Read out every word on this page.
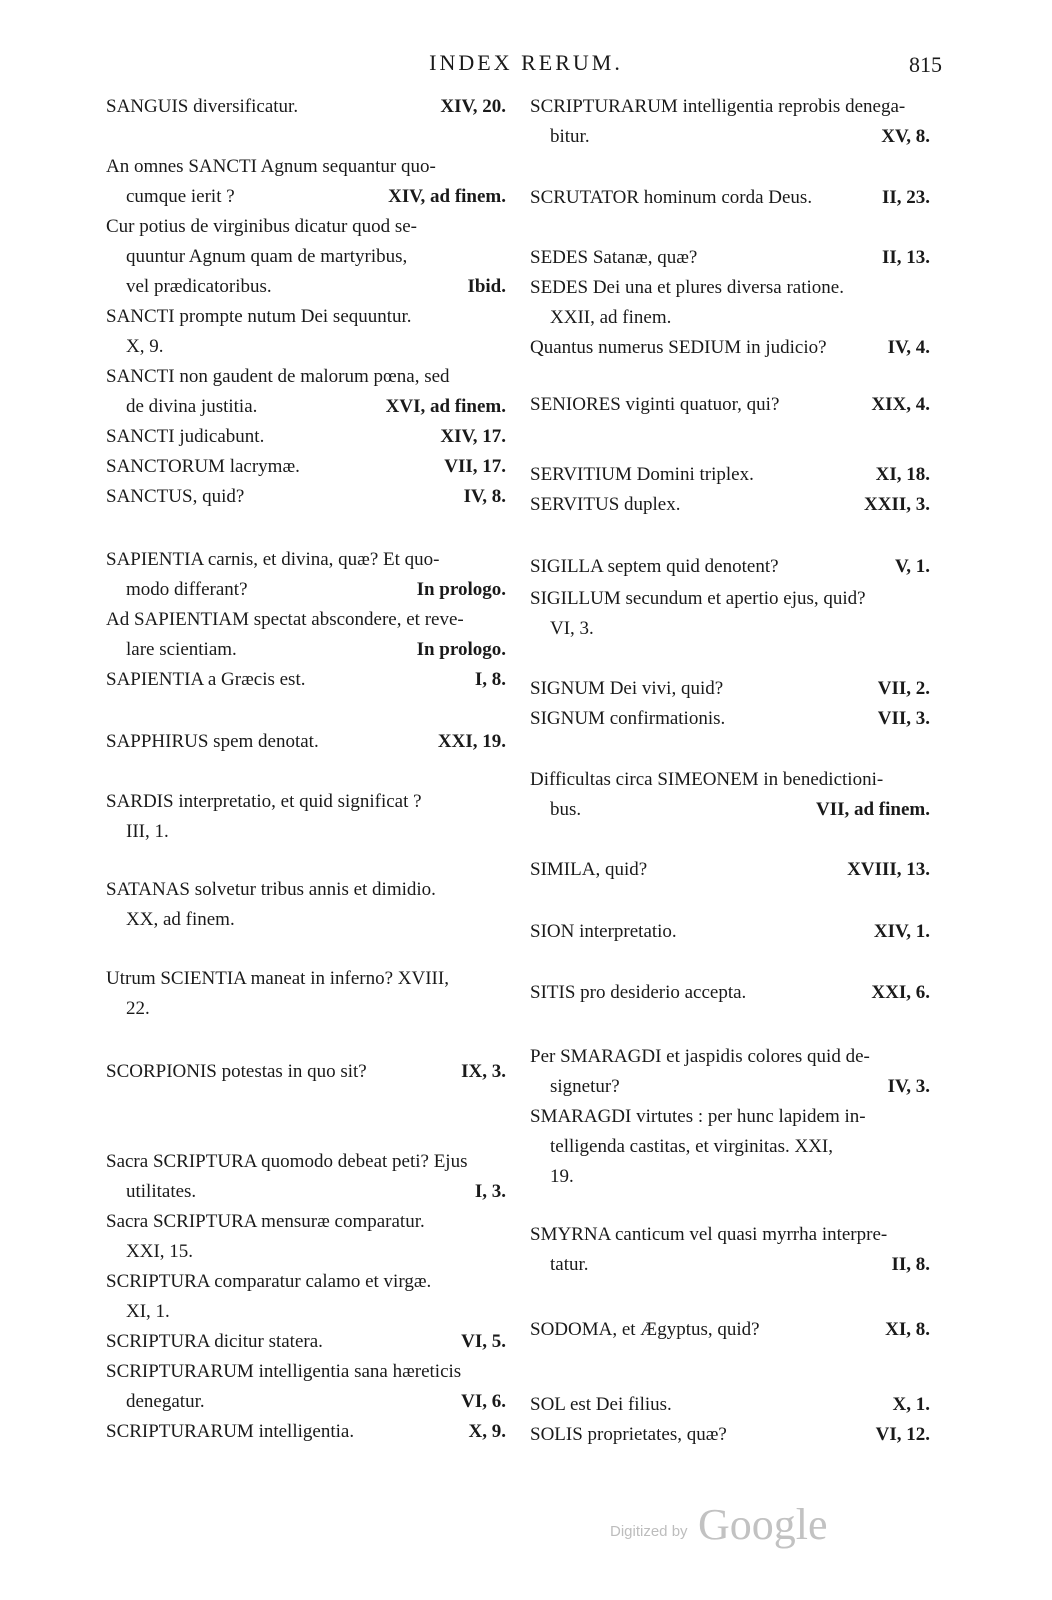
INDEX RERUM.	815
SANGUIS diversificatur.	XIV, 20.
An omnes SANCTI Agnum sequantur quo-
cumque ierit ?	XIV, ad finem.
Cur potius de virginibus dicatur quod se-
quuntur Agnum quam de martyribus,
vel prædicatoribus.	Ibid.
SANCTI prompte nutum Dei sequuntur.
X, 9.
SANCTI non gaudent de malorum pœna, sed
de divina justitia.	XVI, ad finem.
SANCTI judicabunt.	XIV, 17.
SANCTORUM lacrymæ.	VII, 17.
SANCTUS, quid?	IV, 8.
SAPIENTIA carnis, et divina, quæ? Et quo-
modo differant?	In prologo.
Ad SAPIENTIAM spectat abscondere, et reve-
lare scientiam.	In prologo.
SAPIENTIA a Græcis est.	I, 8.
SAPPHIRUS spem denotat.	XXI, 19.
SARDIS interpretatio, et quid significat ?
III, 1.
SATANAS solvetur tribus annis et dimidio.
XX, ad finem.
Utrum SCIENTIA maneat in inferno? XVIII,
22.
SCORPIONIS potestas in quo sit?	IX, 3.
Sacra SCRIPTURA quomodo debeat peti? Ejus
utilitates.	I, 3.
Sacra SCRIPTURA mensuræ comparatur.
XXI, 15.
SCRIPTURA comparatur calamo et virgæ.
XI, 1.
SCRIPTURA dicitur statera.	VI, 5.
SCRIPTURARUM intelligentia sana hæreticis
denegatur.	VI, 6.
SCRIPTURARUM intelligentia.	X, 9.
SCRIPTURARUM intelligentia reprobis denega-
bitur.	XV, 8.
SCRUTATOR hominum corda Deus.	II, 23.
SEDES Satanæ, quæ?	II, 13.
SEDES Dei una et plures diversa ratione.
XXII, ad finem.
Quantus numerus SEDIUM in judicio?	IV, 4.
SENIORES viginti quatuor, qui?	XIX, 4.
SERVITIUM Domini triplex.	XI, 18.
SERVITUS duplex.	XXII, 3.
SIGILLA septem quid denotent?	V, 1.
SIGILLUM secundum et apertio ejus, quid?
VI, 3.
SIGNUM Dei vivi, quid?	VII, 2.
SIGNUM confirmationis.	VII, 3.
Difficultas circa SIMEONEM in benedictioni-
bus.	VII, ad finem.
SIMILA, quid?	XVIII, 13.
SION interpretatio.	XIV, 1.
SITIS pro desiderio accepta.	XXI, 6.
Per SMARAGDI et jaspidis colores quid de-
signetur?	IV, 3.
SMARAGDI virtutes : per hunc lapidem in-
telligenda castitas, et virginitas. XXI,
19.
SMYRNA canticum vel quasi myrrha interpre-
tatur.	II, 8.
SODOMA, et Ægyptus, quid?	XI, 8.
SOL est Dei filius.	X, 1.
SOLIS proprietates, quæ?	VI, 12.
Digitized by Google
